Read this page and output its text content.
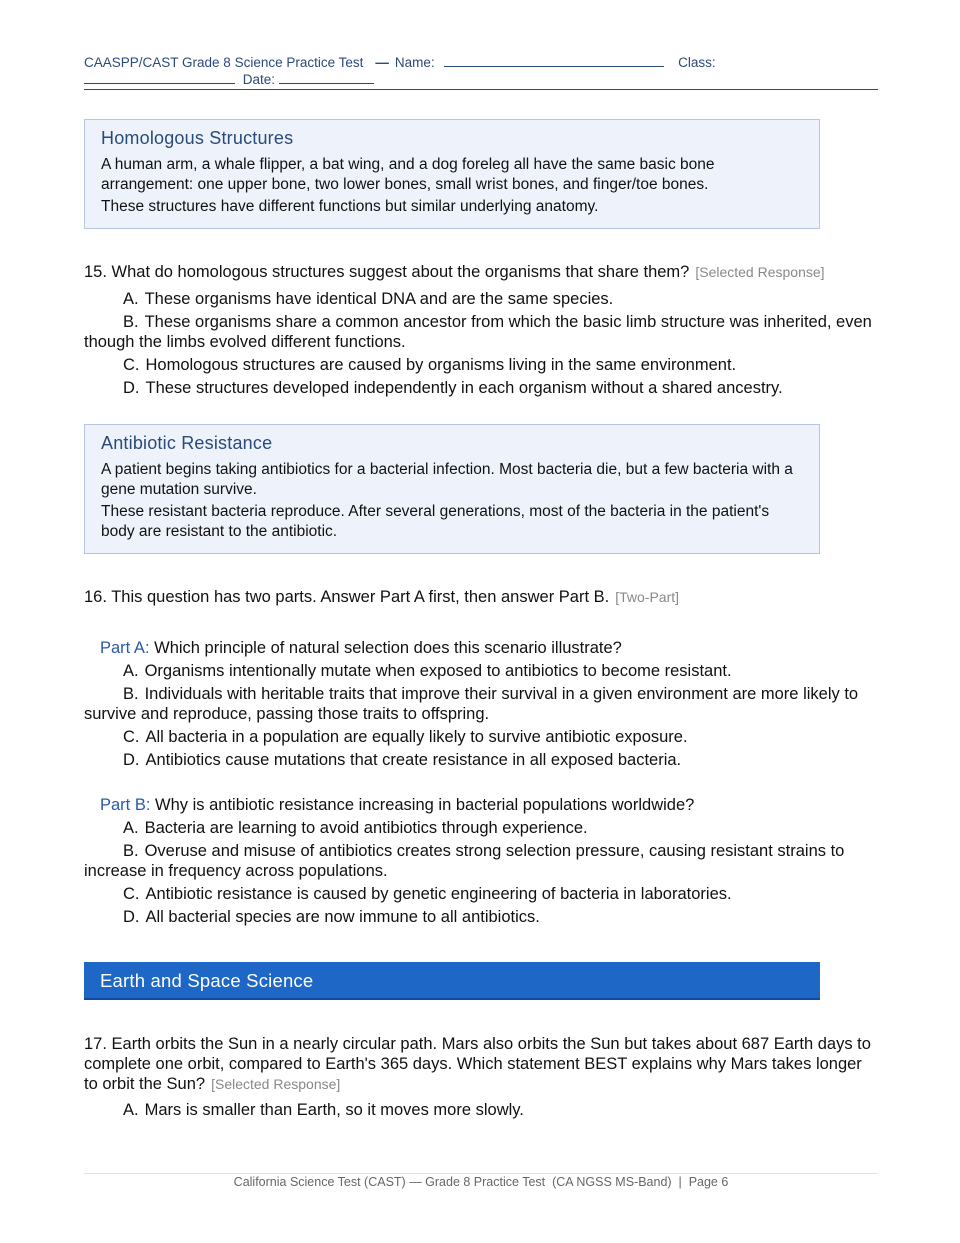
CAASPP/CAST Grade 8 Science Practice Test — Name:	Class:
Date:
Homologous Structures

A human arm, a whale flipper, a bat wing, and a dog foreleg all have the same basic bone arrangement: one upper bone, two lower bones, small wrist bones, and finger/toe bones.

These structures have different functions but similar underlying anatomy.

15. What do homologous structures suggest about the organisms that share them? [Selected Response]
A. These organisms have identical DNA and are the same species.
B. These organisms share a common ancestor from which the basic limb structure was inherited, even though the limbs evolved different functions.
C. Homologous structures are caused by organisms living in the same environment.
D. These structures developed independently in each organism without a shared ancestry.
Antibiotic Resistance

A patient begins taking antibiotics for a bacterial infection. Most bacteria die, but a few bacteria with a gene mutation survive.

These resistant bacteria reproduce. After several generations, most of the bacteria in the patient's body are resistant to the antibiotic.

16. This question has two parts. Answer Part A first, then answer Part B. [Two-Part]
Part A: Which principle of natural selection does this scenario illustrate?
A. Organisms intentionally mutate when exposed to antibiotics to become resistant.
B. Individuals with heritable traits that improve their survival in a given environment are more likely to survive and reproduce, passing those traits to offspring.
C. All bacteria in a population are equally likely to survive antibiotic exposure.
D. Antibiotics cause mutations that create resistance in all exposed bacteria.
Part B: Why is antibiotic resistance increasing in bacterial populations worldwide?
A. Bacteria are learning to avoid antibiotics through experience.
B. Overuse and misuse of antibiotics creates strong selection pressure, causing resistant strains to increase in frequency across populations.
C. Antibiotic resistance is caused by genetic engineering of bacteria in laboratories.
D. All bacterial species are now immune to all antibiotics.
Earth and Space Science
17. Earth orbits the Sun in a nearly circular path. Mars also orbits the Sun but takes about 687 Earth days to complete one orbit, compared to Earth's 365 days. Which statement BEST explains why Mars takes longer to orbit the Sun? [Selected Response]
A. Mars is smaller than Earth, so it moves more slowly.
California Science Test (CAST) — Grade 8 Practice Test  (CA NGSS MS-Band)  |  Page 6
